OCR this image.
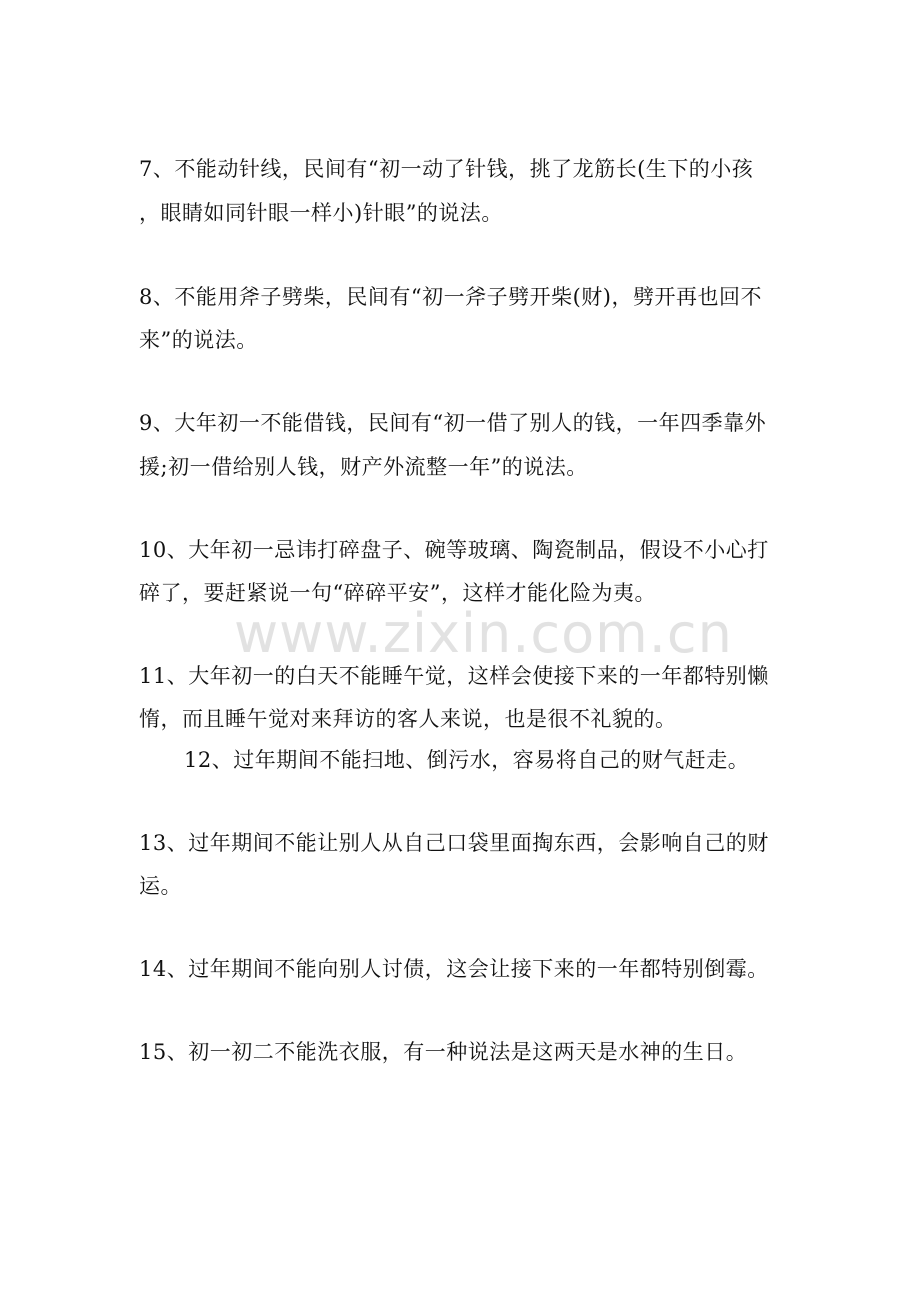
www.zixin.com.cn
7、不能动针线，民间有“初一动了针钱，挑了龙筋长(生下的小孩
，眼睛如同针眼一样小)针眼”的说法。
8、不能用斧子劈柴，民间有“初一斧子劈开柴(财)，劈开再也回不
来”的说法。
9、大年初一不能借钱，民间有“初一借了别人的钱，一年四季靠外
援;初一借给别人钱，财产外流整一年”的说法。
10、大年初一忌讳打碎盘子、碗等玻璃、陶瓷制品，假设不小心打
碎了，要赶紧说一句“碎碎平安”，这样才能化险为夷。
11、大年初一的白天不能睡午觉，这样会使接下来的一年都特别懒
惰，而且睡午觉对来拜访的客人来说，也是很不礼貌的。
12、过年期间不能扫地、倒污水，容易将自己的财气赶走。
13、过年期间不能让别人从自己口袋里面掏东西，会影响自己的财
运。
14、过年期间不能向别人讨债，这会让接下来的一年都特别倒霉。
15、初一初二不能洗衣服，有一种说法是这两天是水神的生日。
